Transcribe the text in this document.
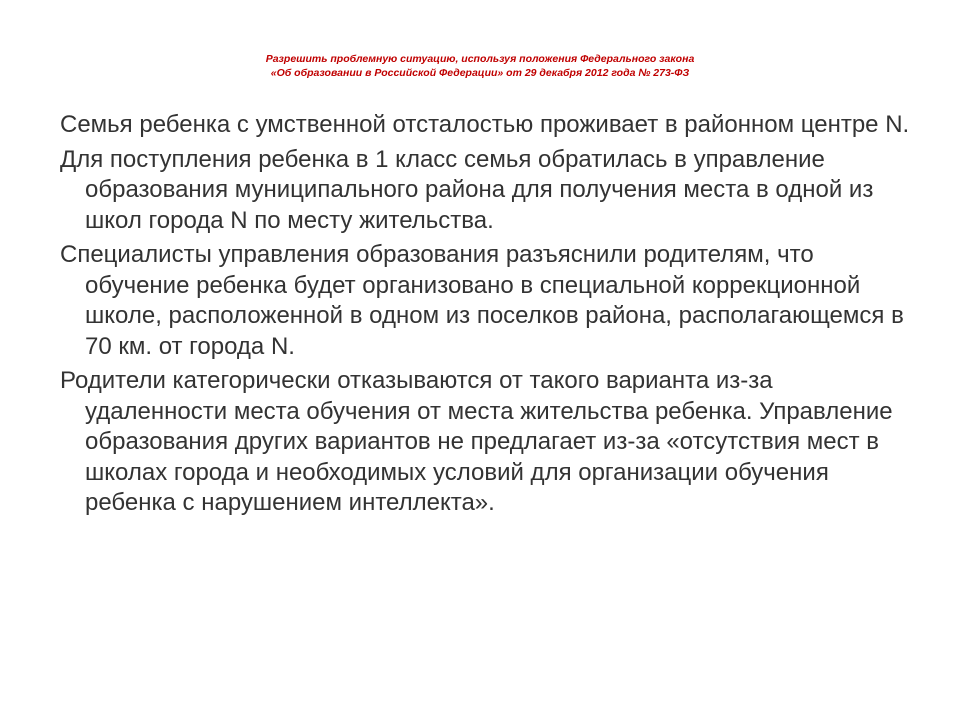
Разрешить проблемную ситуацию, используя положения Федерального закона
«Об образовании в Российской Федерации» от 29 декабря 2012 года № 273-ФЗ

Семья ребенка с умственной отсталостью проживает в районном центре N.

Для поступления ребенка в 1 класс семья обратилась в управление образования муниципального района для получения места в одной из школ города N по месту жительства.

Специалисты управления образования разъяснили родителям, что обучение ребенка будет организовано в специальной коррекционной школе, расположенной в одном из поселков района, располагающемся в 70 км. от города N.

Родители категорически отказываются от такого варианта из-за удаленности места обучения от места жительства ребенка. Управление образования других вариантов не предлагает из-за «отсутствия мест в школах города и необходимых условий для организации обучения ребенка с нарушением интеллекта».
